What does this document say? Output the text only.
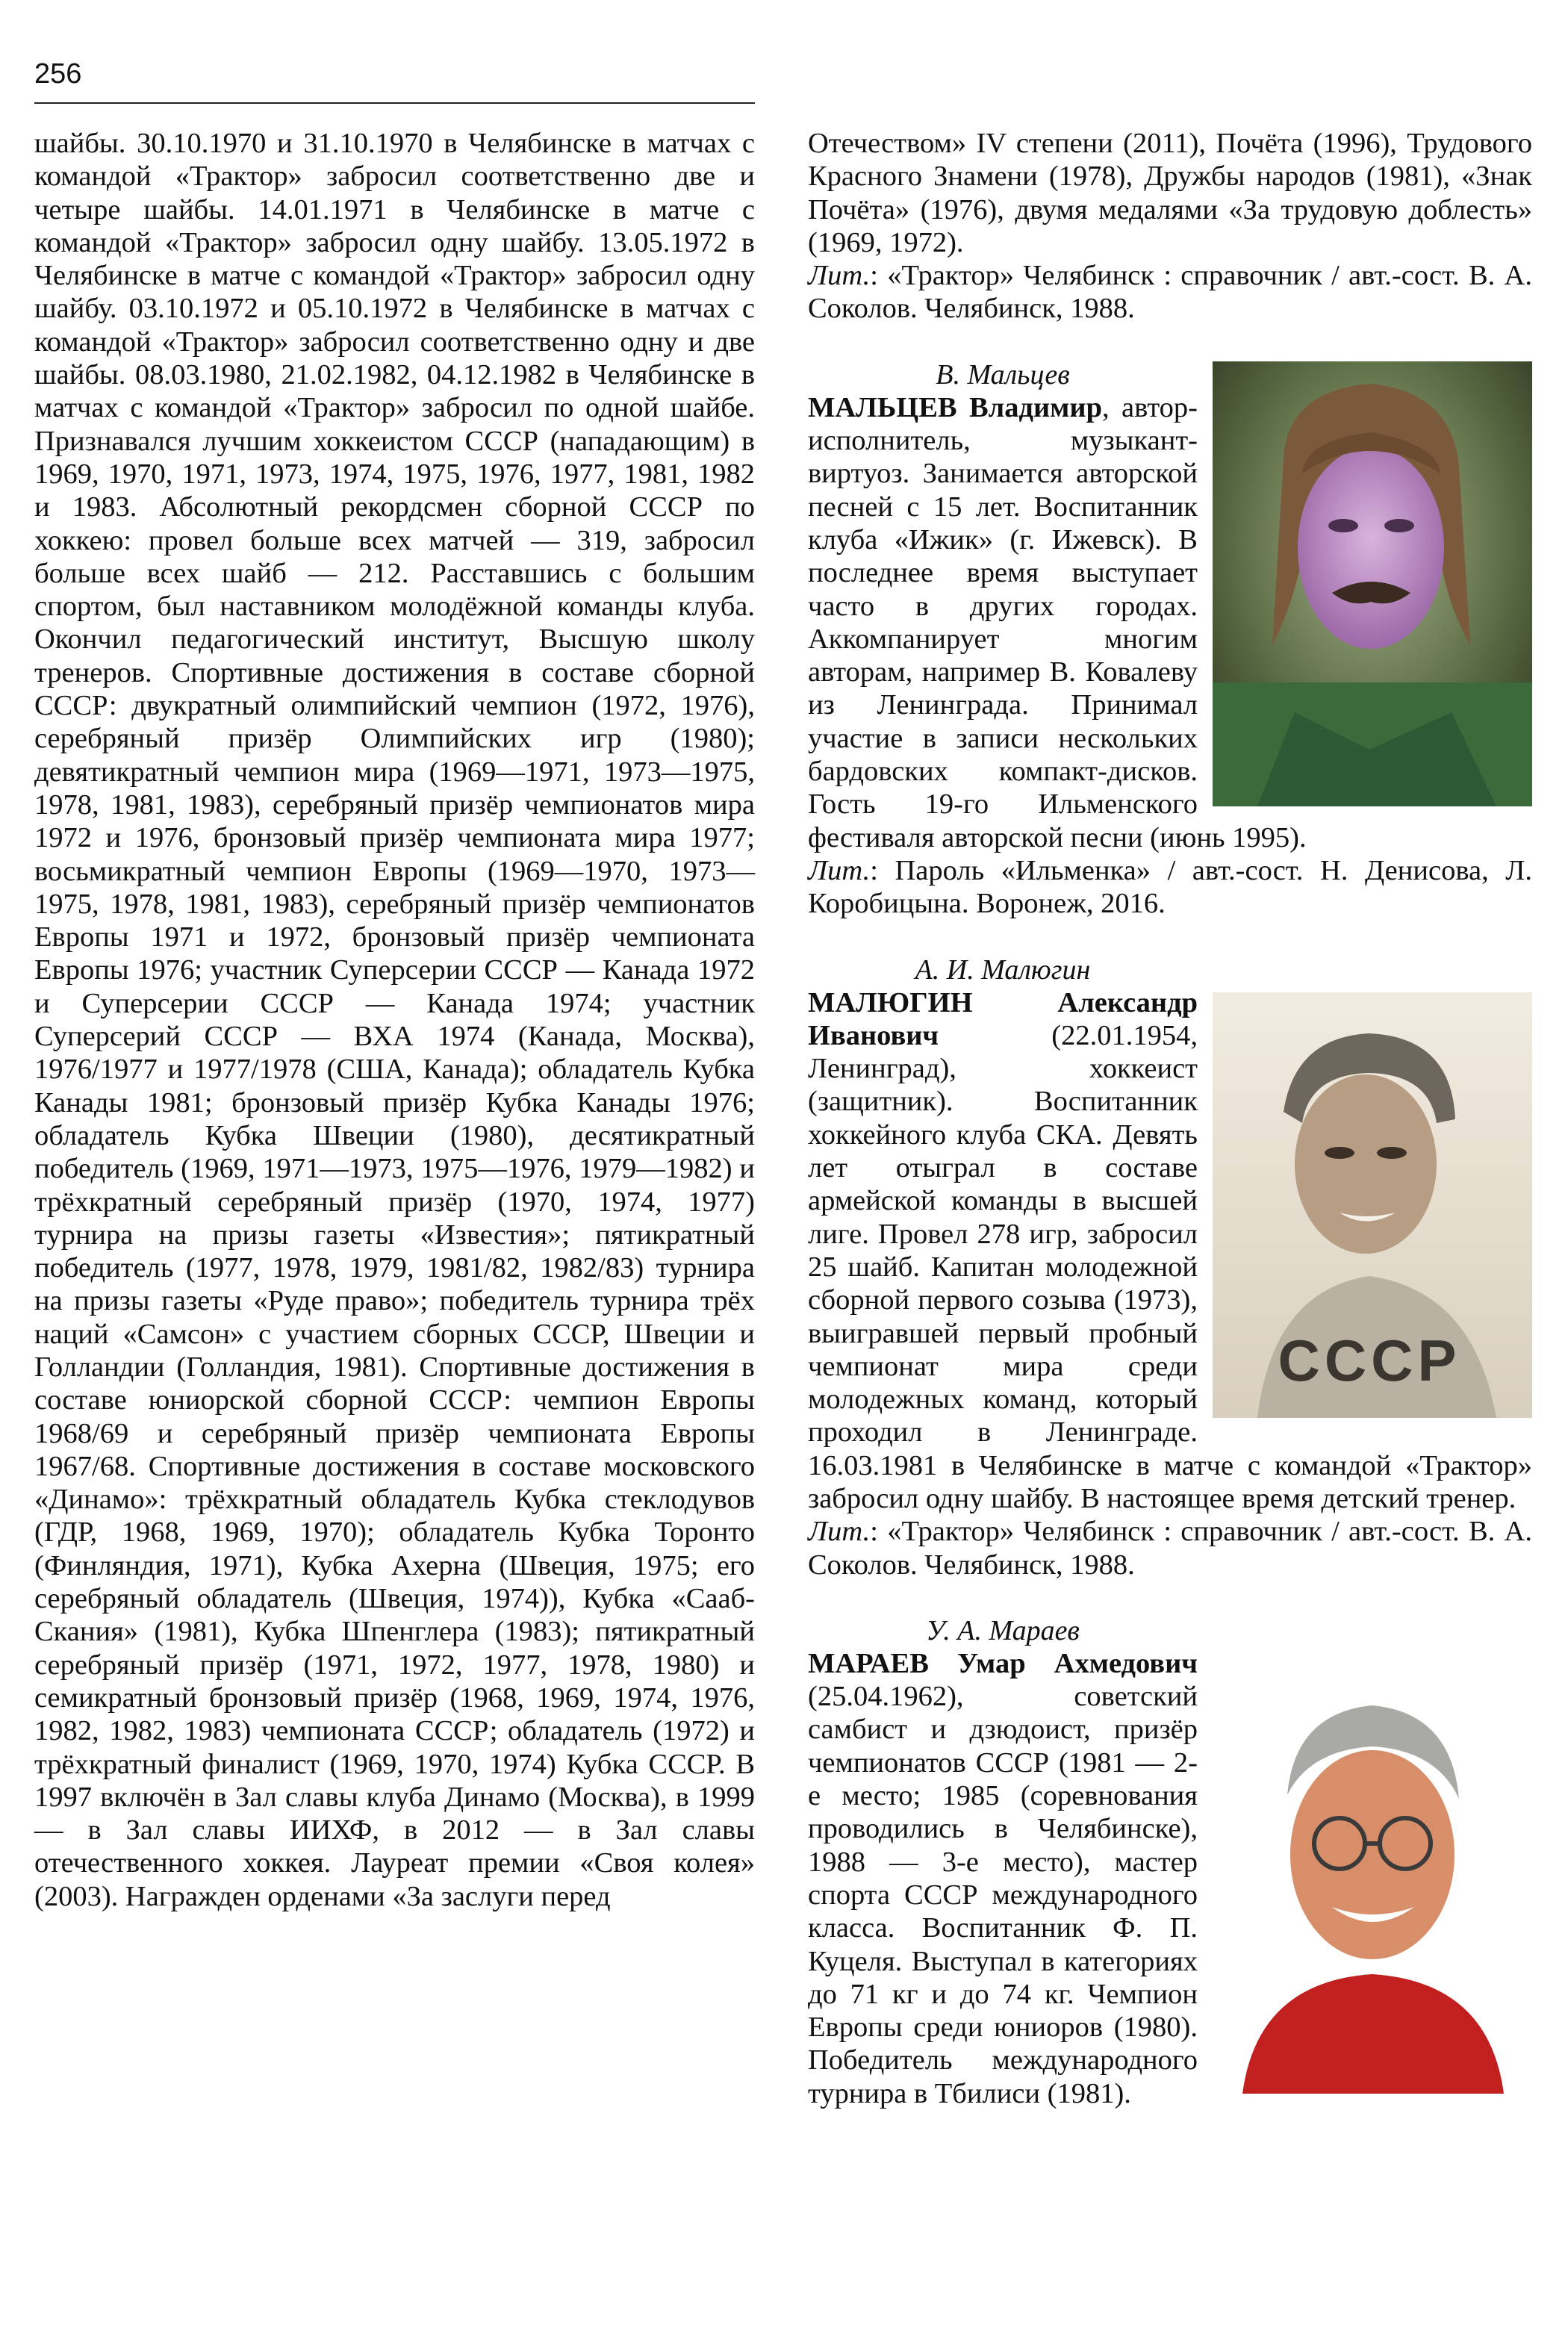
256

шайбы. 30.10.1970 и 31.10.1970 в Челябинске в матчах с командой «Трактор» забросил соответственно две и четыре шайбы. 14.01.1971 в Челябинске в матче с командой «Трактор» забросил одну шайбу. 13.05.1972 в Челябинске в матче с командой «Трактор» забросил одну шайбу. 03.10.1972 и 05.10.1972 в Челябинске в матчах с командой «Трактор» забросил соответственно одну и две шайбы. 08.03.1980, 21.02.1982, 04.12.1982 в Челябинске в матчах с командой «Трактор» забросил по одной шайбе. Признавался лучшим хоккеистом СССР (нападающим) в 1969, 1970, 1971, 1973, 1974, 1975, 1976, 1977, 1981, 1982 и 1983. Абсолютный рекордсмен сборной СССР по хоккею: провел больше всех матчей — 319, забросил больше всех шайб — 212. Расставшись с большим спортом, был наставником молодёжной команды клуба. Окончил педагогический институт, Высшую школу тренеров. Спортивные достижения в составе сборной СССР: двукратный олимпийский чемпион (1972, 1976), серебряный призёр Олимпийских игр (1980); девятикратный чемпион мира (1969—1971, 1973—1975, 1978, 1981, 1983), серебряный призёр чемпионатов мира 1972 и 1976, бронзовый призёр чемпионата мира 1977; восьмикратный чемпион Европы (1969—1970, 1973—1975, 1978, 1981, 1983), серебряный призёр чемпионатов Европы 1971 и 1972, бронзовый призёр чемпионата Европы 1976; участник Суперсерии СССР — Канада 1972 и Суперсерии СССР — Канада 1974; участник Суперсерий СССР — ВХА 1974 (Канада, Москва), 1976/1977 и 1977/1978 (США, Канада); обладатель Кубка Канады 1981; бронзовый призёр Кубка Канады 1976; обладатель Кубка Швеции (1980), десятикратный победитель (1969, 1971—1973, 1975—1976, 1979—1982) и трёхкратный серебряный призёр (1970, 1974, 1977) турнира на призы газеты «Известия»; пятикратный победитель (1977, 1978, 1979, 1981/82, 1982/83) турнира на призы газеты «Руде право»; победитель турнира трёх наций «Самсон» с участием сборных СССР, Швеции и Голландии (Голландия, 1981). Спортивные достижения в составе юниорской сборной СССР: чемпион Европы 1968/69 и серебряный призёр чемпионата Европы 1967/68. Спортивные достижения в составе московского «Динамо»: трёхкратный обладатель Кубка стеклодувов (ГДР, 1968, 1969, 1970); обладатель Кубка Торонто (Финляндия, 1971), Кубка Ахерна (Швеция, 1975; его серебряный обладатель (Швеция, 1974)), Кубка «Сааб-Скания» (1981), Кубка Шпенглера (1983); пятикратный серебряный призёр (1971, 1972, 1977, 1978, 1980) и семикратный бронзовый призёр (1968, 1969, 1974, 1976, 1982, 1982, 1983) чемпионата СССР; обладатель (1972) и трёхкратный финалист (1969, 1970, 1974) Кубка СССР. В 1997 включён в Зал славы клуба Динамо (Москва), в 1999 — в Зал славы ИИХФ, в 2012 — в Зал славы отечественного хоккея. Лауреат премии «Своя колея» (2003). Награжден орденами «За заслуги перед

Отечеством» IV степени (2011), Почёта (1996), Трудового Красного Знамени (1978), Дружбы народов (1981), «Знак Почёта» (1976), двумя медалями «За трудовую доблесть» (1969, 1972).

Лит.: «Трактор» Челябинск : справочник / авт.-сост. В. А. Соколов. Челябинск, 1988.

В. Мальцев
МАЛЬЦЕВ Владимир, автор-исполнитель, музыкант-виртуоз. Занимается авторской песней с 15 лет. Воспитанник клуба «Ижик» (г. Ижевск). В последнее время выступает часто в других городах. Аккомпанирует многим авторам, например В. Ковалеву из Ленинграда. Принимал участие в записи нескольких бардовских компакт-дисков. Гость 19-го Ильменского фестиваля авторской песни (июнь 1995).
Лит.: Пароль «Ильменка» / авт.-сост. Н. Денисова, Л. Коробицына. Воронеж, 2016.

СССР

А. И. Малюгин
МАЛЮГИН	Александр Иванович (22.01.1954, Ленинград), хоккеист (защитник). Воспитанник хоккейного клуба СКА. Девять лет отыграл в составе армейской команды в высшей лиге. Провел 278 игр, забросил 25 шайб. Капитан молодежной сборной первого созыва (1973), выигравшей первый пробный чемпионат мира среди молодежных команд, который проходил в Ленинграде. 16.03.1981 в Челябинске в матче с командой «Трактор» забросил одну шайбу. В настоящее время детский тренер.
Лит.: «Трактор» Челябинск : справочник / авт.-сост. В. А. Соколов. Челябинск, 1988.

У. А. Мараев
МАРАЕВ Умар Ахмедович (25.04.1962), советский самбист и дзюдоист, призёр чемпионатов СССР (1981 — 2-е место; 1985 (соревнования проводились в Челябинске), 1988 — 3-е место), мастер спорта СССР международного класса. Воспитанник Ф. П. Куцеля. Выступал в категориях до 71 кг и до 74 кг. Чемпион Европы среди юниоров (1980). Победитель международного турнира в Тбилиси (1981).
